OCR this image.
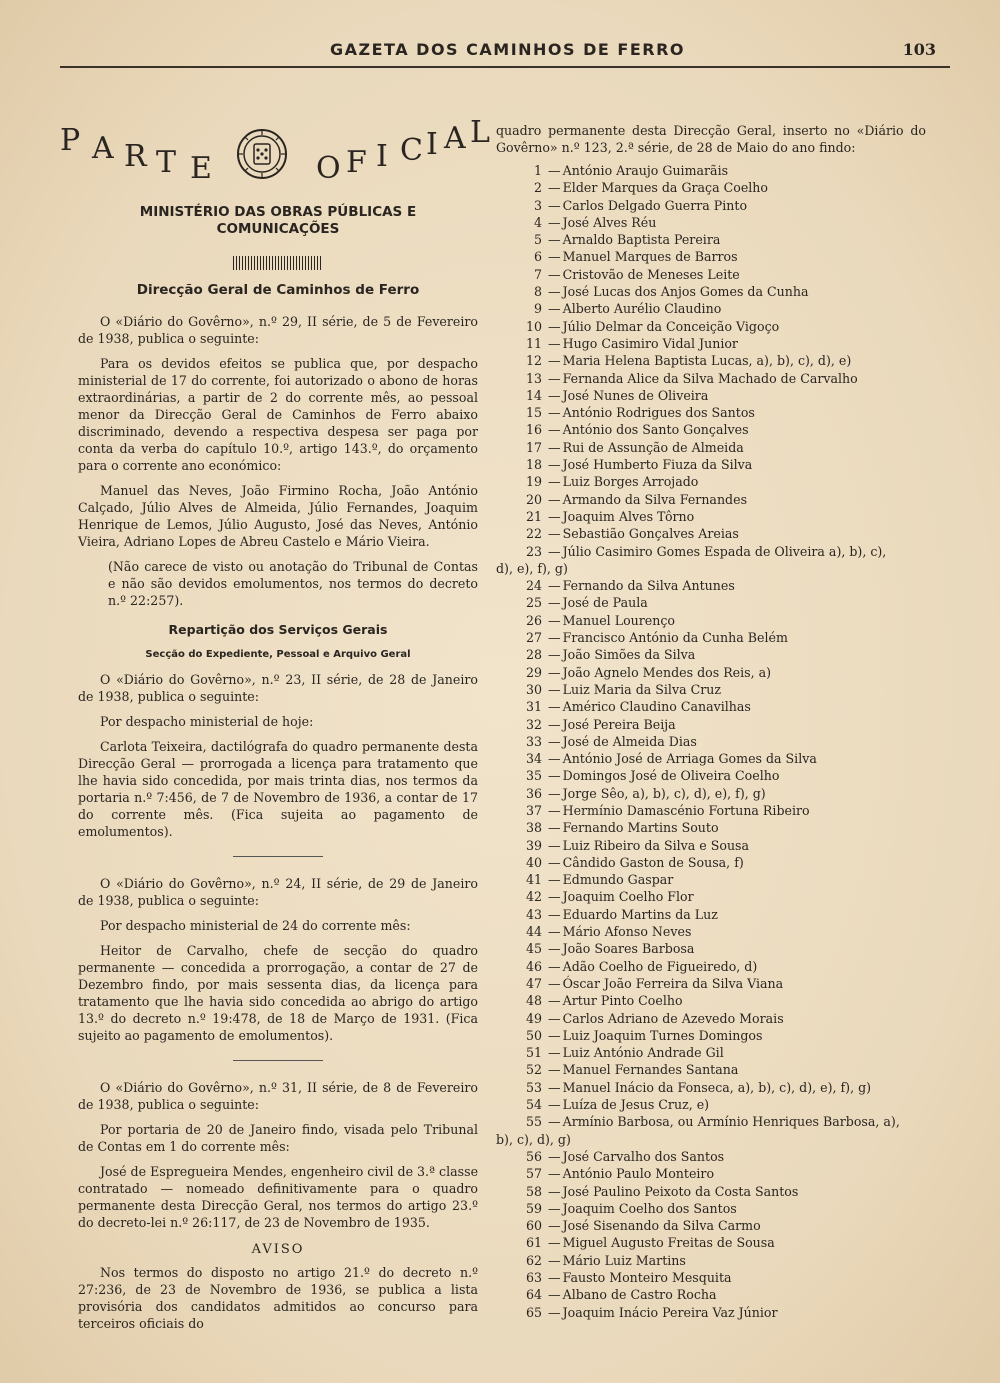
GAZETA DOS CAMINHOS DE FERRO	103
P A R T E	O
F I C
I
A
L
MINISTÉRIO DAS OBRAS PÚBLICAS E COMUNICAÇÕES
Direcção Geral de Caminhos de Ferro

O «Diário do Govêrno», n.º 29, II série, de 5 de Fevereiro de 1938, publica o seguinte:

Para os devidos efeitos se publica que, por despacho ministerial de 17 do corrente, foi autorizado o abono de horas extraordinárias, a partir de 2 do corrente mês, ao pessoal menor da Direcção Geral de Caminhos de Ferro abaixo discriminado, devendo a respectiva despesa ser paga por conta da verba do capítulo 10.º, artigo 143.º, do orçamento para o corrente ano económico:

Manuel das Neves, João Firmino Rocha, João António Calçado, Júlio Alves de Almeida, Júlio Fernandes, Joaquim Henrique de Lemos, Júlio Augusto, José das Neves, António Vieira, Adriano Lopes de Abreu Castelo e Mário Vieira.

(Não carece de visto ou anotação do Tribunal de Contas e não são devidos emolumentos, nos termos do decreto n.º 22:257).

Repartição dos Serviços Gerais
Secção do Expediente, Pessoal e Arquivo Geral

O «Diário do Govêrno», n.º 23, II série, de 28 de Janeiro de 1938, publica o seguinte:

Por despacho ministerial de hoje:

Carlota Teixeira, dactilógrafa do quadro permanente desta Direcção Geral — prorrogada a licença para tratamento que lhe havia sido concedida, por mais trinta dias, nos termos da portaria n.º 7:456, de 7 de Novembro de 1936, a contar de 17 do corrente mês. (Fica sujeita ao pagamento de emolumentos).

O «Diário do Govêrno», n.º 24, II série, de 29 de Janeiro de 1938, publica o seguinte:

Por despacho ministerial de 24 do corrente mês:

Heitor de Carvalho, chefe de secção do quadro permanente — concedida a prorrogação, a contar de 27 de Dezembro findo, por mais sessenta dias, da licença para tratamento que lhe havia sido concedida ao abrigo do artigo 13.º do decreto n.º 19:478, de 18 de Março de 1931. (Fica sujeito ao pagamento de emolumentos).

O «Diário do Govêrno», n.º 31, II série, de 8 de Fevereiro de 1938, publica o seguinte:

Por portaria de 20 de Janeiro findo, visada pelo Tribunal de Contas em 1 do corrente mês:

José de Espregueira Mendes, engenheiro civil de 3.ª classe contratado — nomeado definitivamente para o quadro permanente desta Direcção Geral, nos termos do artigo 23.º do decreto-lei n.º 26:117, de 23 de Novembro de 1935.

AVISO

Nos termos do disposto no artigo 21.º do decreto n.º 27:236, de 23 de Novembro de 1936, se publica a lista provisória dos candidatos admitidos ao concurso para terceiros oficiais do

quadro permanente desta Direcção Geral, inserto no «Diário do Govêrno» n.º 123, 2.ª série, de 28 de Maio do ano findo:

1 — António Araujo Guimarãis
2 — Elder Marques da Graça Coelho
3 — Carlos Delgado Guerra Pinto
4 — José Alves Réu
5 — Arnaldo Baptista Pereira
6 — Manuel Marques de Barros
7 — Cristovão de Meneses Leite
8 — José Lucas dos Anjos Gomes da Cunha
9 — Alberto Aurélio Claudino
10 — Júlio Delmar da Conceição Vigoço
11 — Hugo Casimiro Vidal Junior
12 — Maria Helena Baptista Lucas, a), b), c), d), e)
13 — Fernanda Alice da Silva Machado de Carvalho
14 — José Nunes de Oliveira
15 — António Rodrigues dos Santos
16 — António dos Santo Gonçalves
17 — Rui de Assunção de Almeida
18 — José Humberto Fiuza da Silva
19 — Luiz Borges Arrojado
20 — Armando da Silva Fernandes
21 — Joaquim Alves Tôrno
22 — Sebastião Gonçalves Areias
23 — Júlio Casimiro Gomes Espada de Oliveira a), b), c),
d), e), f), g)
24 — Fernando da Silva Antunes
25 — José de Paula
26 — Manuel Lourenço
27 — Francisco António da Cunha Belém
28 — João Simões da Silva
29 — João Agnelo Mendes dos Reis, a)
30 — Luiz Maria da Silva Cruz
31 — Américo Claudino Canavilhas
32 — José Pereira Beija
33 — José de Almeida Dias
34 — António José de Arriaga Gomes da Silva
35 — Domingos José de Oliveira Coelho
36 — Jorge Sêo, a), b), c), d), e), f), g)
37 — Hermínio Damascénio Fortuna Ribeiro
38 — Fernando Martins Souto
39 — Luiz Ribeiro da Silva e Sousa
40 — Cândido Gaston de Sousa, f)
41 — Edmundo Gaspar
42 — Joaquim Coelho Flor
43 — Eduardo Martins da Luz
44 — Mário Afonso Neves
45 — João Soares Barbosa
46 — Adão Coelho de Figueiredo, d)
47 — Óscar João Ferreira da Silva Viana
48 — Artur Pinto Coelho
49 — Carlos Adriano de Azevedo Morais
50 — Luiz Joaquim Turnes Domingos
51 — Luiz António Andrade Gil
52 — Manuel Fernandes Santana
53 — Manuel Inácio da Fonseca, a), b), c), d), e), f), g)
54 — Luíza de Jesus Cruz, e)
55 — Armínio Barbosa, ou Armínio Henriques Barbosa, a),
b), c), d), g)
56 — José Carvalho dos Santos
57 — António Paulo Monteiro
58 — José Paulino Peixoto da Costa Santos
59 — Joaquim Coelho dos Santos
60 — José Sisenando da Silva Carmo
61 — Miguel Augusto Freitas de Sousa
62 — Mário Luiz Martins
63 — Fausto Monteiro Mesquita
64 — Albano de Castro Rocha
65 — Joaquim Inácio Pereira Vaz Júnior
